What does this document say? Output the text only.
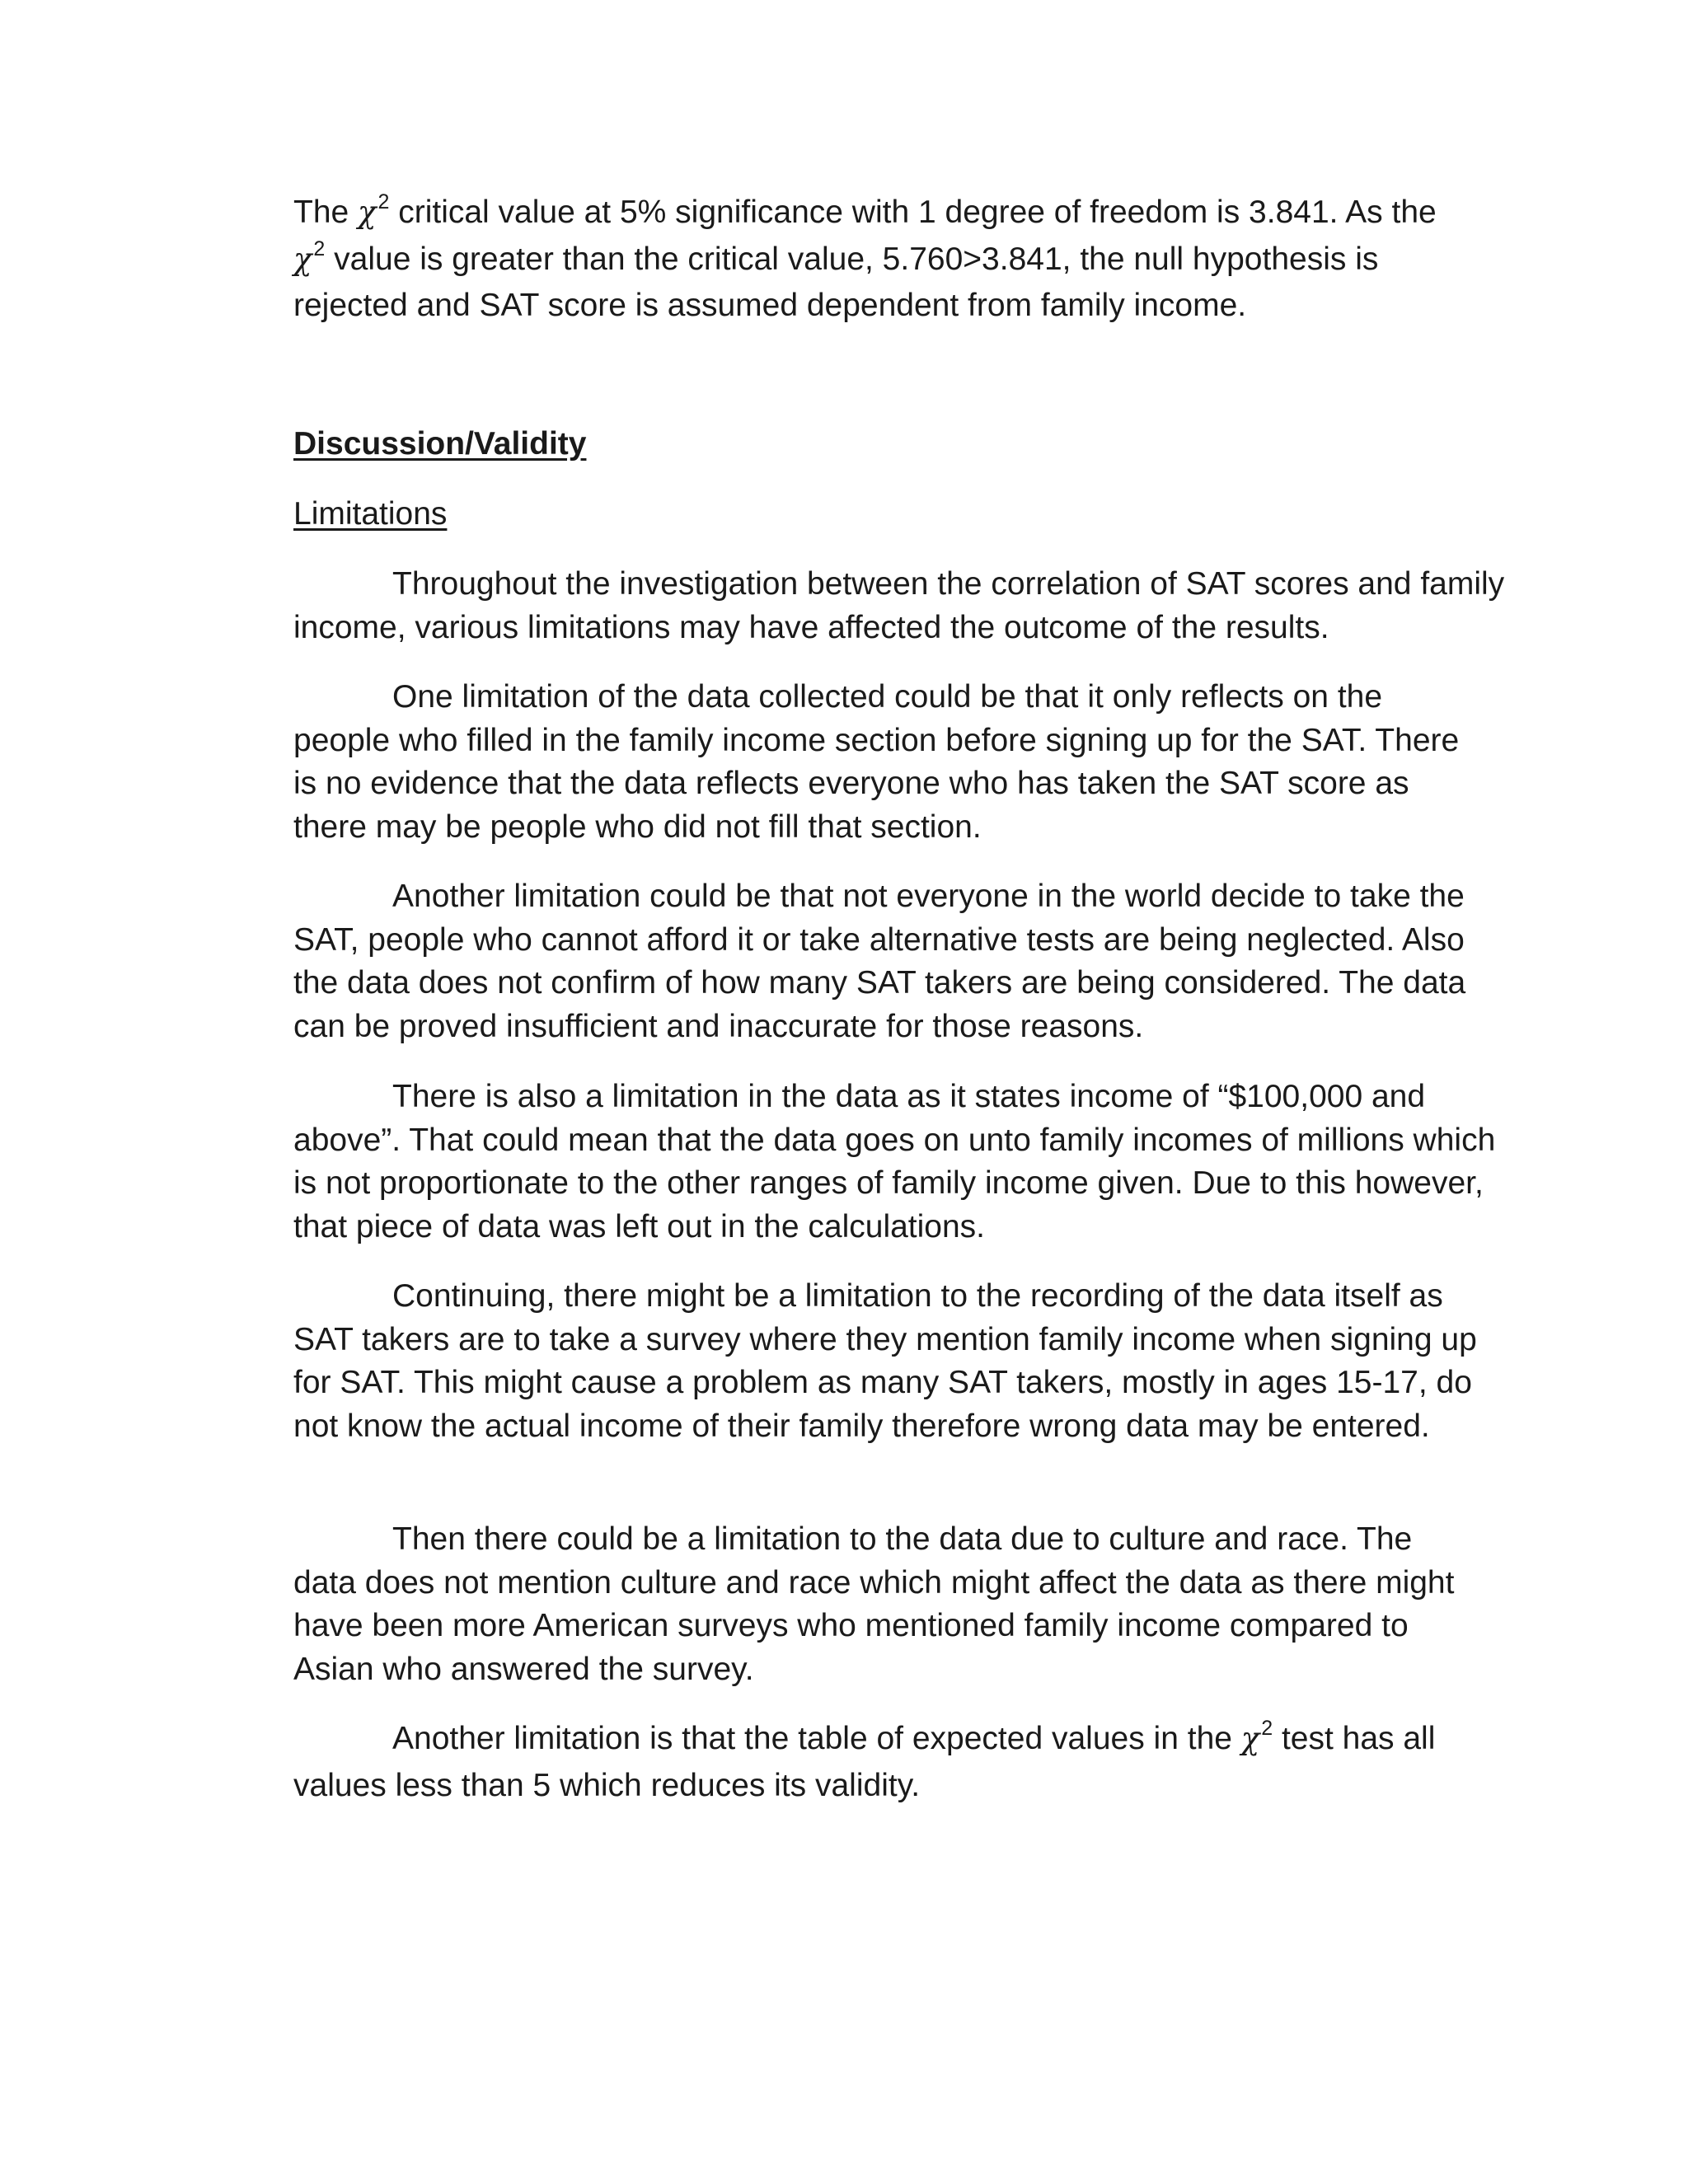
The $\chi^2$ critical value at 5% significance with 1 degree of freedom is 3.841. As the
$\chi^2$ value is greater than the critical value, 5.760>3.841, the null hypothesis is rejected and SAT score is assumed dependent from family income.

Discussion/Validity

Limitations

Throughout the investigation between the correlation of SAT scores and family income, various limitations may have affected the outcome of the results.

One limitation of the data collected could be that it only reflects on the people who filled in the family income section before signing up for the SAT. There is no evidence that the data reflects everyone who has taken the SAT score as there may be people who did not fill that section.

Another limitation could be that not everyone in the world decide to take the SAT, people who cannot afford it or take alternative tests are being neglected. Also the data does not confirm of how many SAT takers are being considered. The data can be proved insufficient and inaccurate for those reasons.

There is also a limitation in the data as it states income of “$100,000 and above”. That could mean that the data goes on unto family incomes of millions which is not proportionate to the other ranges of family income given. Due to this however, that piece of data was left out in the calculations.

Continuing, there might be a limitation to the recording of the data itself as SAT takers are to take a survey where they mention family income when signing up for SAT. This might cause a problem as many SAT takers, mostly in ages 15-17, do not know the actual income of their family therefore wrong data may be entered.

Then there could be a limitation to the data due to culture and race. The data does not mention culture and race which might affect the data as there might have been more American surveys who mentioned family income compared to Asian who answered the survey.

Another limitation is that the table of expected values in the $\chi^2$ test has all values less than 5 which reduces its validity.
